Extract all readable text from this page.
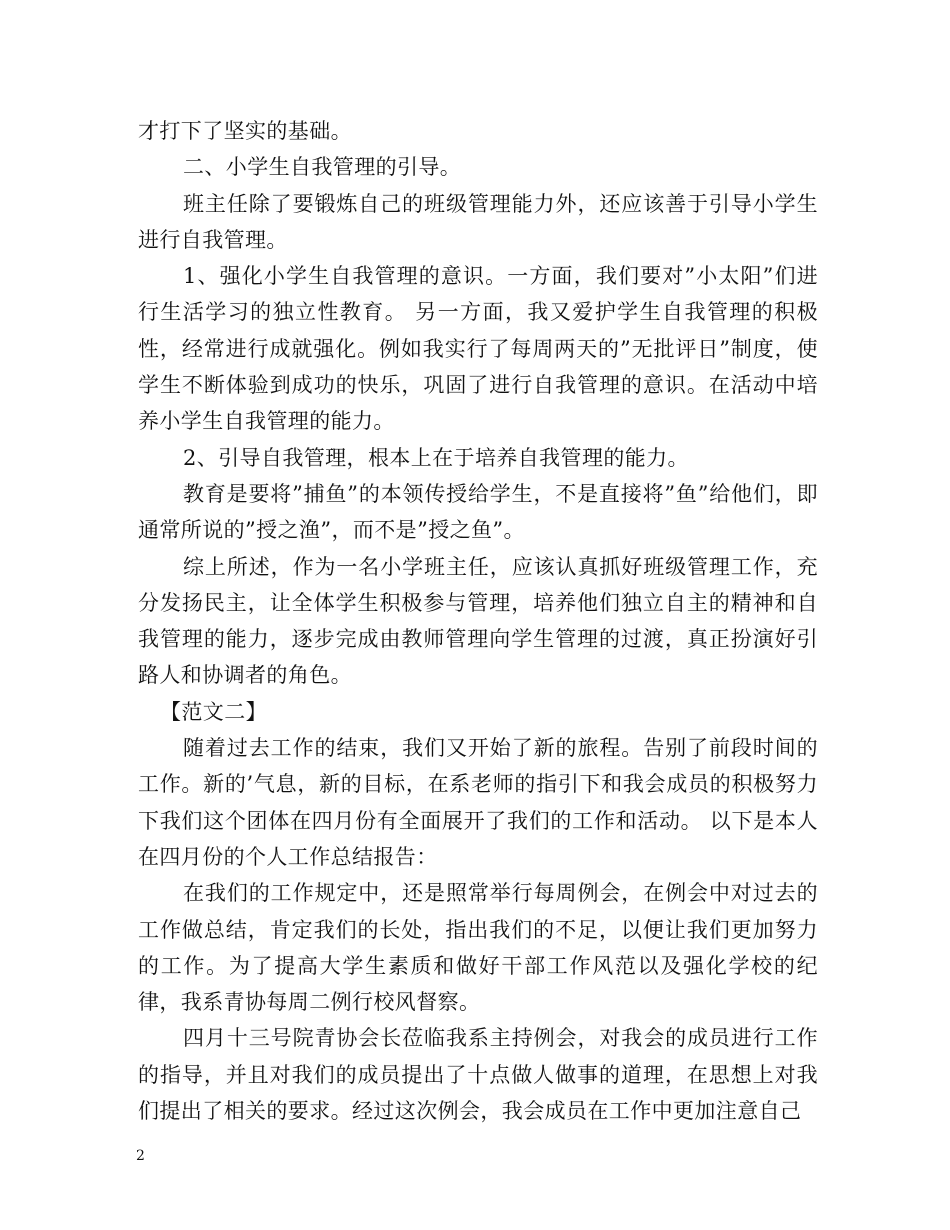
才打下了坚实的基础。

二、小学生自我管理的引导。

班主任除了要锻炼自己的班级管理能力外，还应该善于引导小学生进行自我管理。

1、强化小学生自我管理的意识。一方面，我们要对”小太阳”们进行生活学习的独立性教育。 另一方面，我又爱护学生自我管理的积极性，经常进行成就强化。例如我实行了每周两天的”无批评日”制度，使学生不断体验到成功的快乐，巩固了进行自我管理的意识。在活动中培养小学生自我管理的能力。

2、引导自我管理，根本上在于培养自我管理的能力。

教育是要将”捕鱼”的本领传授给学生，不是直接将”鱼”给他们，即通常所说的”授之渔”，而不是”授之鱼”。

综上所述，作为一名小学班主任，应该认真抓好班级管理工作，充分发扬民主，让全体学生积极参与管理，培养他们独立自主的精神和自我管理的能力，逐步完成由教师管理向学生管理的过渡，真正扮演好引路人和协调者的角色。

【范文二】

随着过去工作的结束，我们又开始了新的旅程。告别了前段时间的工作。新的’气息，新的目标，在系老师的指引下和我会成员的积极努力下我们这个团体在四月份有全面展开了我们的工作和活动。 以下是本人在四月份的个人工作总结报告：

在我们的工作规定中，还是照常举行每周例会，在例会中对过去的工作做总结，肯定我们的长处，指出我们的不足，以便让我们更加努力的工作。为了提高大学生素质和做好干部工作风范以及强化学校的纪律，我系青协每周二例行校风督察。

四月十三号院青协会长莅临我系主持例会，对我会的成员进行工作的指导，并且对我们的成员提出了十点做人做事的道理，在思想上对我们提出了相关的要求。经过这次例会，我会成员在工作中更加注意自己

2
